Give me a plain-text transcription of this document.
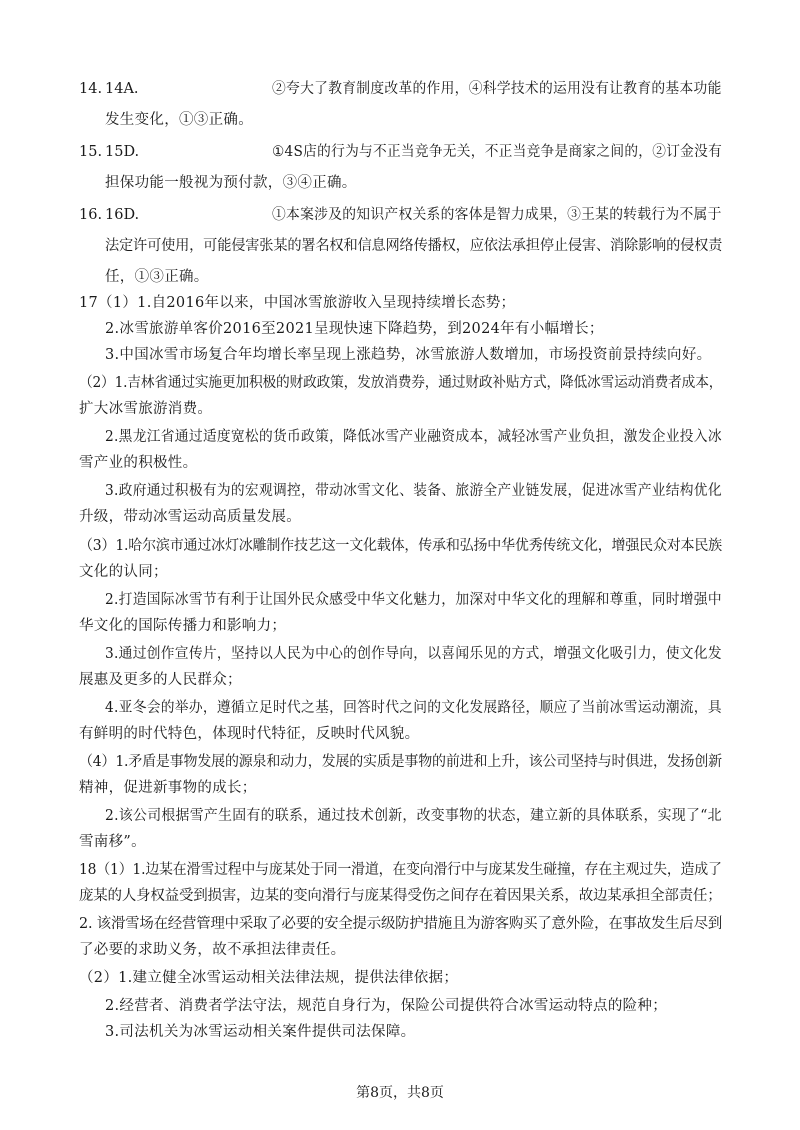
14. 14A.	②夸大了教育制度改革的作用，④科学技术的运用没有让教育的基本功能
发生变化，①③正确。
15. 15D.	①4S店的行为与不正当竞争无关，不正当竞争是商家之间的，②订金没有
担保功能一般视为预付款，③④正确。
16. 16D.	①本案涉及的知识产权关系的客体是智力成果，③王某的转载行为不属于
法定许可使用，可能侵害张某的署名权和信息网络传播权，应依法承担停止侵害、消除影响的侵权责
任，①③正确。
17（1）1.自2016年以来，中国冰雪旅游收入呈现持续增长态势；
2.冰雪旅游单客价2016至2021呈现快速下降趋势，到2024年有小幅增长；
3.中国冰雪市场复合年均增长率呈现上涨趋势，冰雪旅游人数增加，市场投资前景持续向好。
（2）1.吉林省通过实施更加积极的财政政策，发放消费券，通过财政补贴方式，降低冰雪运动消费者成本，
扩大冰雪旅游消费。
2.黑龙江省通过适度宽松的货币政策，降低冰雪产业融资成本，减轻冰雪产业负担，激发企业投入冰
雪产业的积极性。
3.政府通过积极有为的宏观调控，带动冰雪文化、装备、旅游全产业链发展，促进冰雪产业结构优化
升级，带动冰雪运动高质量发展。
（3）1.哈尔滨市通过冰灯冰雕制作技艺这一文化载体，传承和弘扬中华优秀传统文化，增强民众对本民族
文化的认同；
2.打造国际冰雪节有利于让国外民众感受中华文化魅力，加深对中华文化的理解和尊重，同时增强中
华文化的国际传播力和影响力；
3.通过创作宣传片，坚持以人民为中心的创作导向，以喜闻乐见的方式，增强文化吸引力，使文化发
展惠及更多的人民群众；
4.亚冬会的举办，遵循立足时代之基，回答时代之问的文化发展路径，顺应了当前冰雪运动潮流，具
有鲜明的时代特色，体现时代特征，反映时代风貌。
（4）1.矛盾是事物发展的源泉和动力，发展的实质是事物的前进和上升，该公司坚持与时俱进，发扬创新
精神，促进新事物的成长；
2.该公司根据雪产生固有的联系，通过技术创新，改变事物的状态，建立新的具体联系，实现了“北
雪南移”。
18（1）1.边某在滑雪过程中与庞某处于同一滑道，在变向滑行中与庞某发生碰撞，存在主观过失，造成了
庞某的人身权益受到损害，边某的变向滑行与庞某得受伤之间存在着因果关系，故边某承担全部责任；
2. 该滑雪场在经营管理中采取了必要的安全提示级防护措施且为游客购买了意外险，在事故发生后尽到
了必要的求助义务，故不承担法律责任。
（2）1.建立健全冰雪运动相关法律法规，提供法律依据；
2.经营者、消费者学法守法，规范自身行为，保险公司提供符合冰雪运动特点的险种；
3.司法机关为冰雪运动相关案件提供司法保障。
第8页，共8页
